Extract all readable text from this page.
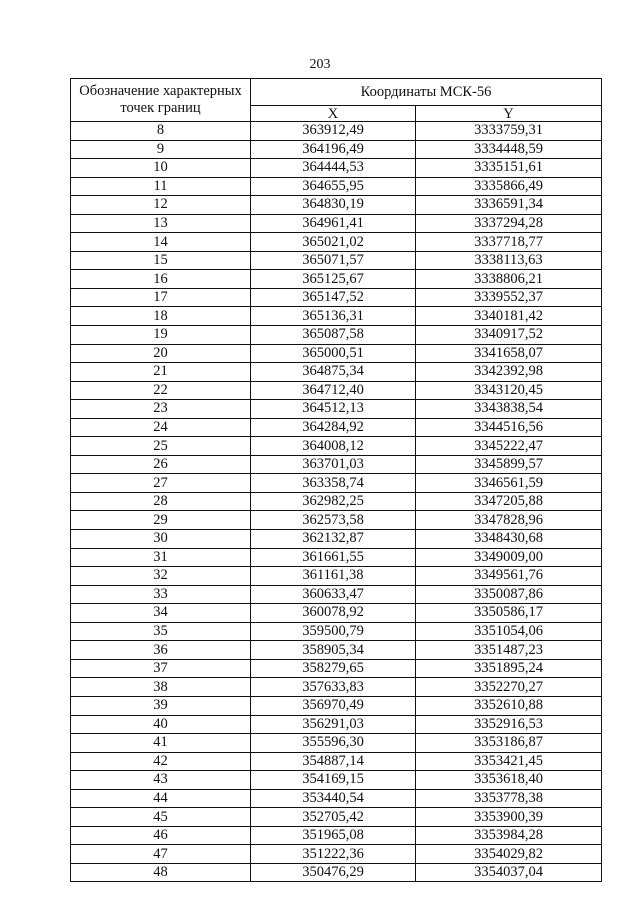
203
Обозначение характерных точек границ	Координаты МСК-56	
	X	Y
8	363912,49	3333759,31
9	364196,49	3334448,59
10	364444,53	3335151,61
11	364655,95	3335866,49
12	364830,19	3336591,34
13	364961,41	3337294,28
14	365021,02	3337718,77
15	365071,57	3338113,63
16	365125,67	3338806,21
17	365147,52	3339552,37
18	365136,31	3340181,42
19	365087,58	3340917,52
20	365000,51	3341658,07
21	364875,34	3342392,98
22	364712,40	3343120,45
23	364512,13	3343838,54
24	364284,92	3344516,56
25	364008,12	3345222,47
26	363701,03	3345899,57
27	363358,74	3346561,59
28	362982,25	3347205,88
29	362573,58	3347828,96
30	362132,87	3348430,68
31	361661,55	3349009,00
32	361161,38	3349561,76
33	360633,47	3350087,86
34	360078,92	3350586,17
35	359500,79	3351054,06
36	358905,34	3351487,23
37	358279,65	3351895,24
38	357633,83	3352270,27
39	356970,49	3352610,88
40	356291,03	3352916,53
41	355596,30	3353186,87
42	354887,14	3353421,45
43	354169,15	3353618,40
44	353440,54	3353778,38
45	352705,42	3353900,39
46	351965,08	3353984,28
47	351222,36	3354029,82
48	350476,29	3354037,04
